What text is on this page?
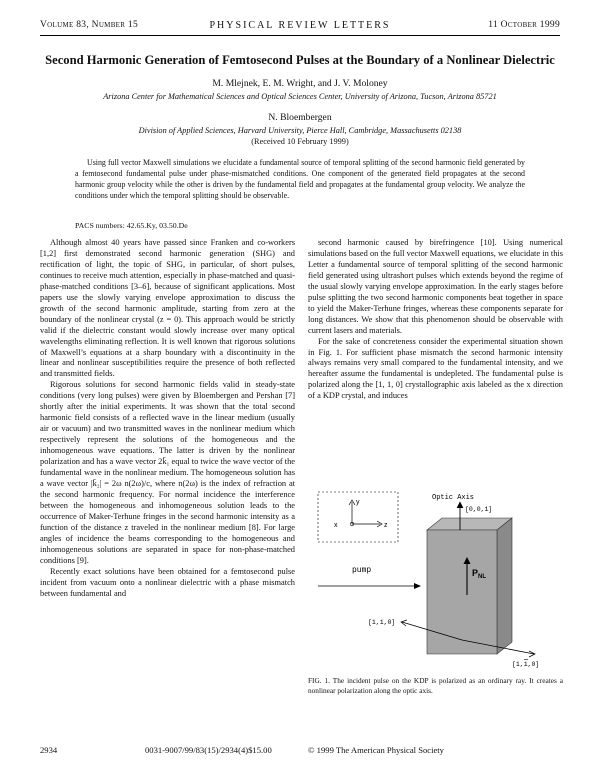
Volume 83, Number 15	PHYSICAL REVIEW LETTERS	11 October 1999
Second Harmonic Generation of Femtosecond Pulses at the Boundary of a Nonlinear Dielectric
M. Mlejnek, E. M. Wright, and J. V. Moloney
Arizona Center for Mathematical Sciences and Optical Sciences Center, University of Arizona, Tucson, Arizona 85721
N. Bloembergen
Division of Applied Sciences, Harvard University, Pierce Hall, Cambridge, Massachusetts 02138
(Received 10 February 1999)
Using full vector Maxwell simulations we elucidate a fundamental source of temporal splitting of the second harmonic field generated by a femtosecond fundamental pulse under phase-mismatched conditions. One component of the generated field propagates at the second harmonic group velocity while the other is driven by the fundamental field and propagates at the fundamental group velocity. We analyze the conditions under which the temporal splitting should be observable.
PACS numbers: 42.65.Ky, 03.50.De

Although almost 40 years have passed since Franken and co-workers [1,2] first demonstrated second harmonic generation (SHG) and rectification of light, the topic of SHG, in particular, of short pulses, continues to receive much attention, especially in phase-matched and quasi-phase-matched conditions [3–6], because of significant applications. Most papers use the slowly varying envelope approximation to discuss the growth of the second harmonic amplitude, starting from zero at the boundary of the nonlinear crystal (z = 0). This approach would be strictly valid if the dielectric constant would slowly increase over many optical wavelengths eliminating reflection. It is well known that rigorous solutions of Maxwell’s equations at a sharp boundary with a discontinuity in the linear and nonlinear susceptibilities require the presence of both reflected and transmitted fields.

Rigorous solutions for second harmonic fields valid in steady-state conditions (very long pulses) were given by Bloembergen and Pershan [7] shortly after the initial experiments. It was shown that the total second harmonic field consists of a reflected wave in the linear medium (usually air or vacuum) and two transmitted waves in the nonlinear medium which respectively represent the solutions of the homogeneous and the inhomogeneous wave equations. The latter is driven by the nonlinear polarization and has a wave vector 2k̄₁ equal to twice the wave vector of the fundamental wave in the nonlinear medium. The homogeneous solution has a wave vector |k̄₂| = 2ω n(2ω)/c, where n(2ω) is the index of refraction at the second harmonic frequency. For normal incidence the interference between the homogeneous and inhomogeneous solution leads to the occurrence of Maker-Terhune fringes in the second harmonic intensity as a function of the distance z traveled in the nonlinear medium [8]. For large angles of incidence the beams corresponding to the homogeneous and inhomogeneous solutions are separated in space for non-phase-matched conditions [9].

Recently exact solutions have been obtained for a femtosecond pulse incident from vacuum onto a nonlinear dielectric with a phase mismatch between fundamental and

second harmonic caused by birefringence [10]. Using numerical simulations based on the full vector Maxwell equations, we elucidate in this Letter a fundamental source of temporal splitting of the second harmonic field generated using ultrashort pulses which extends beyond the regime of the usual slowly varying envelope approximation. In the early stages before pulse splitting the two second harmonic components beat together in space to yield the Maker-Terhune fringes, whereas these components separate for long distances. We show that this phenomenon should be observable with current lasers and materials.

For the sake of concreteness consider the experimental situation shown in Fig. 1. For sufficient phase mismatch the second harmonic intensity always remains very small compared to the fundamental intensity, and we hereafter assume the fundamental is undepleted. The fundamental pulse is polarized along the [1, 1, 0] crystallographic axis labeled as the x direction of a KDP crystal, and induces

y
z
x
Optic Axis
[0,0,1]
$P_{NL}$
pump
[1,1,0]
[1,1,0]
FIG. 1. The incident pulse on the KDP is polarized as an ordinary ray. It creates a nonlinear polarization along the optic axis.
2934	0031-9007/99/83(15)/2934(4)$15.00	© 1999 The American Physical Society
